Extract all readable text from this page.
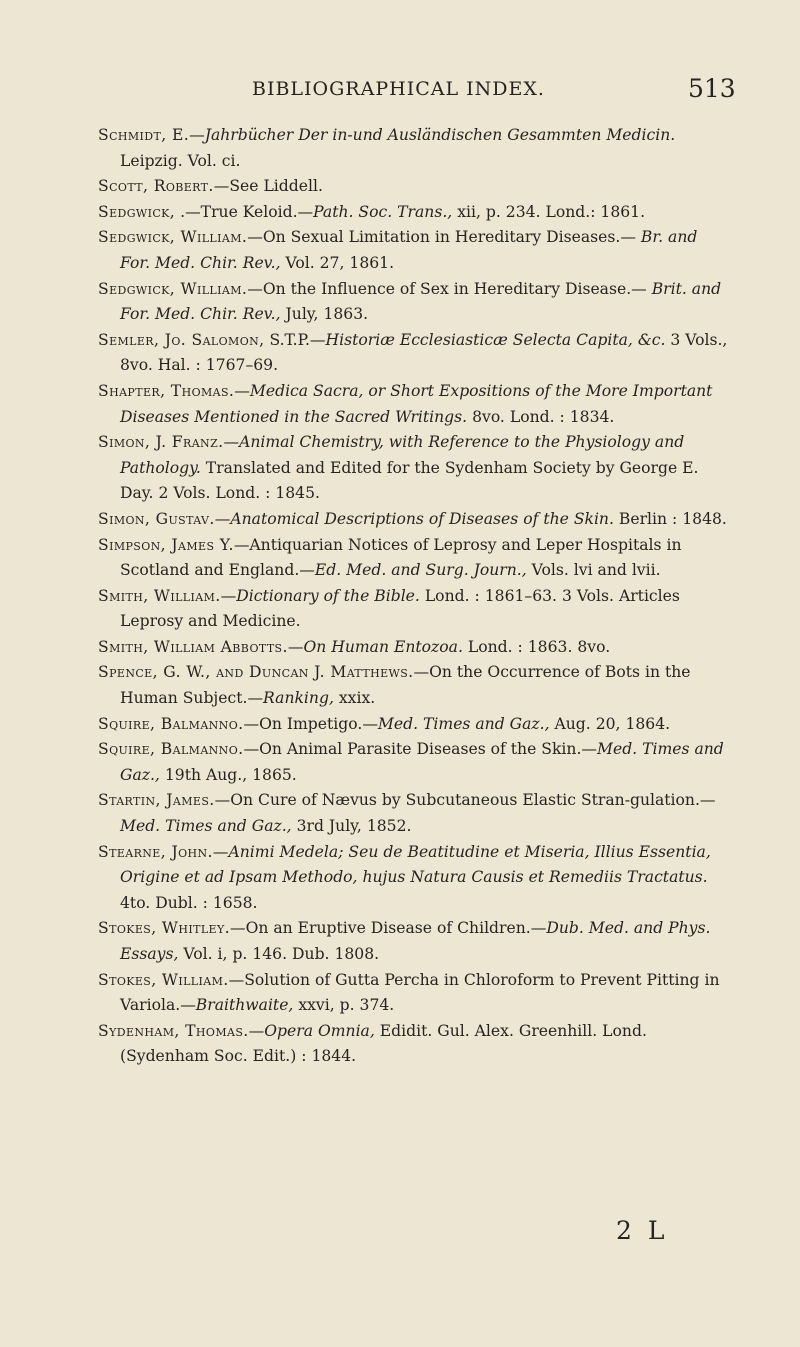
BIBLIOGRAPHICAL INDEX.	513

Schmidt, E.—Jahrbücher Der in-und Ausländischen Gesammten Medicin. Leipzig. Vol. ci.

Scott, Robert.—See Liddell.

Sedgwick, .—True Keloid.—Path. Soc. Trans., xii, p. 234. Lond.: 1861.

Sedgwick, William.—On Sexual Limitation in Hereditary Diseases.— Br. and For. Med. Chir. Rev., Vol. 27, 1861.

Sedgwick, William.—On the Influence of Sex in Hereditary Disease.— Brit. and For. Med. Chir. Rev., July, 1863.

Semler, Jo. Salomon, S.T.P.—Historiæ Ecclesiasticæ Selecta Capita, &c. 3 Vols., 8vo. Hal. : 1767–69.

Shapter, Thomas.—Medica Sacra, or Short Expositions of the More Important Diseases Mentioned in the Sacred Writings. 8vo. Lond. : 1834.

Simon, J. Franz.—Animal Chemistry, with Reference to the Physiology and Pathology. Translated and Edited for the Sydenham Society by George E. Day. 2 Vols. Lond. : 1845.

Simon, Gustav.—Anatomical Descriptions of Diseases of the Skin. Berlin : 1848.

Simpson, James Y.—Antiquarian Notices of Leprosy and Leper Hospitals in Scotland and England.—Ed. Med. and Surg. Journ., Vols. lvi and lvii.

Smith, William.—Dictionary of the Bible. Lond. : 1861–63. 3 Vols. Articles Leprosy and Medicine.

Smith, William Abbotts.—On Human Entozoa. Lond. : 1863. 8vo.

Spence, G. W., and Duncan J. Matthews.—On the Occurrence of Bots in the Human Subject.—Ranking, xxix.

Squire, Balmanno.—On Impetigo.—Med. Times and Gaz., Aug. 20, 1864.

Squire, Balmanno.—On Animal Parasite Diseases of the Skin.—Med. Times and Gaz., 19th Aug., 1865.

Startin, James.—On Cure of Nævus by Subcutaneous Elastic Stran-gulation.—Med. Times and Gaz., 3rd July, 1852.

Stearne, John.—Animi Medela; Seu de Beatitudine et Miseria, Illius Essentia, Origine et ad Ipsam Methodo, hujus Natura Causis et Remediis Tractatus. 4to. Dubl. : 1658.

Stokes, Whitley.—On an Eruptive Disease of Children.—Dub. Med. and Phys. Essays, Vol. i, p. 146. Dub. 1808.

Stokes, William.—Solution of Gutta Percha in Chloroform to Prevent Pitting in Variola.—Braithwaite, xxvi, p. 374.

Sydenham, Thomas.—Opera Omnia, Edidit. Gul. Alex. Greenhill. Lond. (Sydenham Soc. Edit.) : 1844.

2 L
